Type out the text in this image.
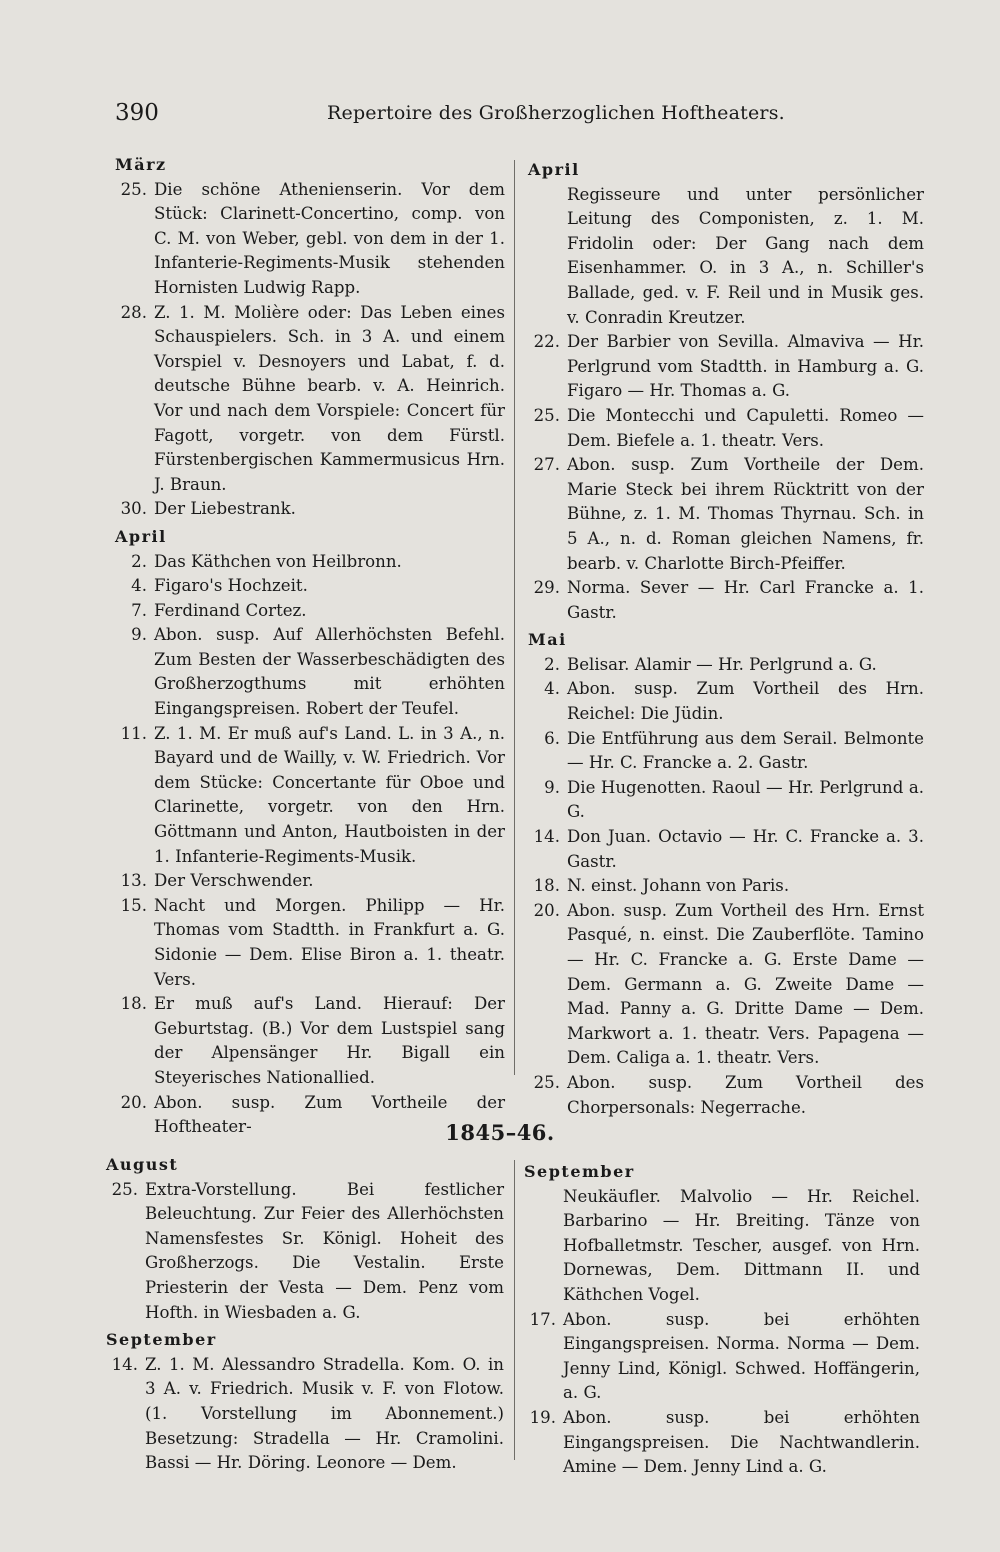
390	Repertoire des Großherzoglichen Hoftheaters.
März
25. Die schöne Athenienserin. Vor dem Stück: Clarinett-Concertino, comp. von C. M. von Weber, gebl. von dem in der 1. Infanterie-Regiments-Musik stehenden Hornisten Ludwig Rapp.
28. Z. 1. M. Molière oder: Das Leben eines Schauspielers. Sch. in 3 A. und einem Vorspiel v. Desnoyers und Labat, f. d. deutsche Bühne bearb. v. A. Heinrich. Vor und nach dem Vorspiele: Concert für Fagott, vorgetr. von dem Fürstl. Fürstenbergischen Kammermusicus Hrn. J. Braun.
30. Der Liebestrank.
April
2. Das Käthchen von Heilbronn.
4. Figaro's Hochzeit.
7. Ferdinand Cortez.
9. Abon. susp. Auf Allerhöchsten Befehl. Zum Besten der Wasserbeschädigten des Großherzogthums mit erhöhten Eingangspreisen. Robert der Teufel.
11. Z. 1. M. Er muß auf's Land. L. in 3 A., n. Bayard und de Wailly, v. W. Friedrich. Vor dem Stücke: Concertante für Oboe und Clarinette, vorgetr. von den Hrn. Göttmann und Anton, Hautboisten in der 1. Infanterie-Regiments-Musik.
13. Der Verschwender.
15. Nacht und Morgen. Philipp — Hr. Thomas vom Stadtth. in Frankfurt a. G. Sidonie — Dem. Elise Biron a. 1. theatr. Vers.
18. Er muß auf's Land. Hierauf: Der Geburtstag. (B.) Vor dem Lustspiel sang der Alpensänger Hr. Bigall ein Steyerisches Nationallied.
20. Abon. susp. Zum Vortheile der Hoftheater-
April
Regisseure und unter persönlicher Leitung des Componisten, z. 1. M. Fridolin oder: Der Gang nach dem Eisenhammer. O. in 3 A., n. Schiller's Ballade, ged. v. F. Reil und in Musik ges. v. Conradin Kreutzer.
22. Der Barbier von Sevilla. Almaviva — Hr. Perlgrund vom Stadtth. in Hamburg a. G. Figaro — Hr. Thomas a. G.
25. Die Montecchi und Capuletti. Romeo — Dem. Biefele a. 1. theatr. Vers.
27. Abon. susp. Zum Vortheile der Dem. Marie Steck bei ihrem Rücktritt von der Bühne, z. 1. M. Thomas Thyrnau. Sch. in 5 A., n. d. Roman gleichen Namens, fr. bearb. v. Charlotte Birch-Pfeiffer.
29. Norma. Sever — Hr. Carl Francke a. 1. Gastr.
Mai
2. Belisar. Alamir — Hr. Perlgrund a. G.
4. Abon. susp. Zum Vortheil des Hrn. Reichel: Die Jüdin.
6. Die Entführung aus dem Serail. Belmonte — Hr. C. Francke a. 2. Gastr.
9. Die Hugenotten. Raoul — Hr. Perlgrund a. G.
14. Don Juan. Octavio — Hr. C. Francke a. 3. Gastr.
18. N. einst. Johann von Paris.
20. Abon. susp. Zum Vortheil des Hrn. Ernst Pasqué, n. einst. Die Zauberflöte. Tamino — Hr. C. Francke a. G. Erste Dame — Dem. Germann a. G. Zweite Dame — Mad. Panny a. G. Dritte Dame — Dem. Markwort a. 1. theatr. Vers. Papagena — Dem. Caliga a. 1. theatr. Vers.
25. Abon. susp. Zum Vortheil des Chorpersonals: Negerrache.
1845–46.
August
25. Extra-Vorstellung. Bei festlicher Beleuchtung. Zur Feier des Allerhöchsten Namensfestes Sr. Königl. Hoheit des Großherzogs. Die Vestalin. Erste Priesterin der Vesta — Dem. Penz vom Hofth. in Wiesbaden a. G.
September
14. Z. 1. M. Alessandro Stradella. Kom. O. in 3 A. v. Friedrich. Musik v. F. von Flotow. (1. Vorstellung im Abonnement.) Besetzung: Stradella — Hr. Cramolini. Bassi — Hr. Döring. Leonore — Dem.
September
Neukäufler. Malvolio — Hr. Reichel. Barbarino — Hr. Breiting. Tänze von Hofballetmstr. Tescher, ausgef. von Hrn. Dornewas, Dem. Dittmann II. und Käthchen Vogel.
17. Abon. susp. bei erhöhten Eingangspreisen. Norma. Norma — Dem. Jenny Lind, Königl. Schwed. Hoffängerin, a. G.
19. Abon. susp. bei erhöhten Eingangspreisen. Die Nachtwandlerin. Amine — Dem. Jenny Lind a. G.
